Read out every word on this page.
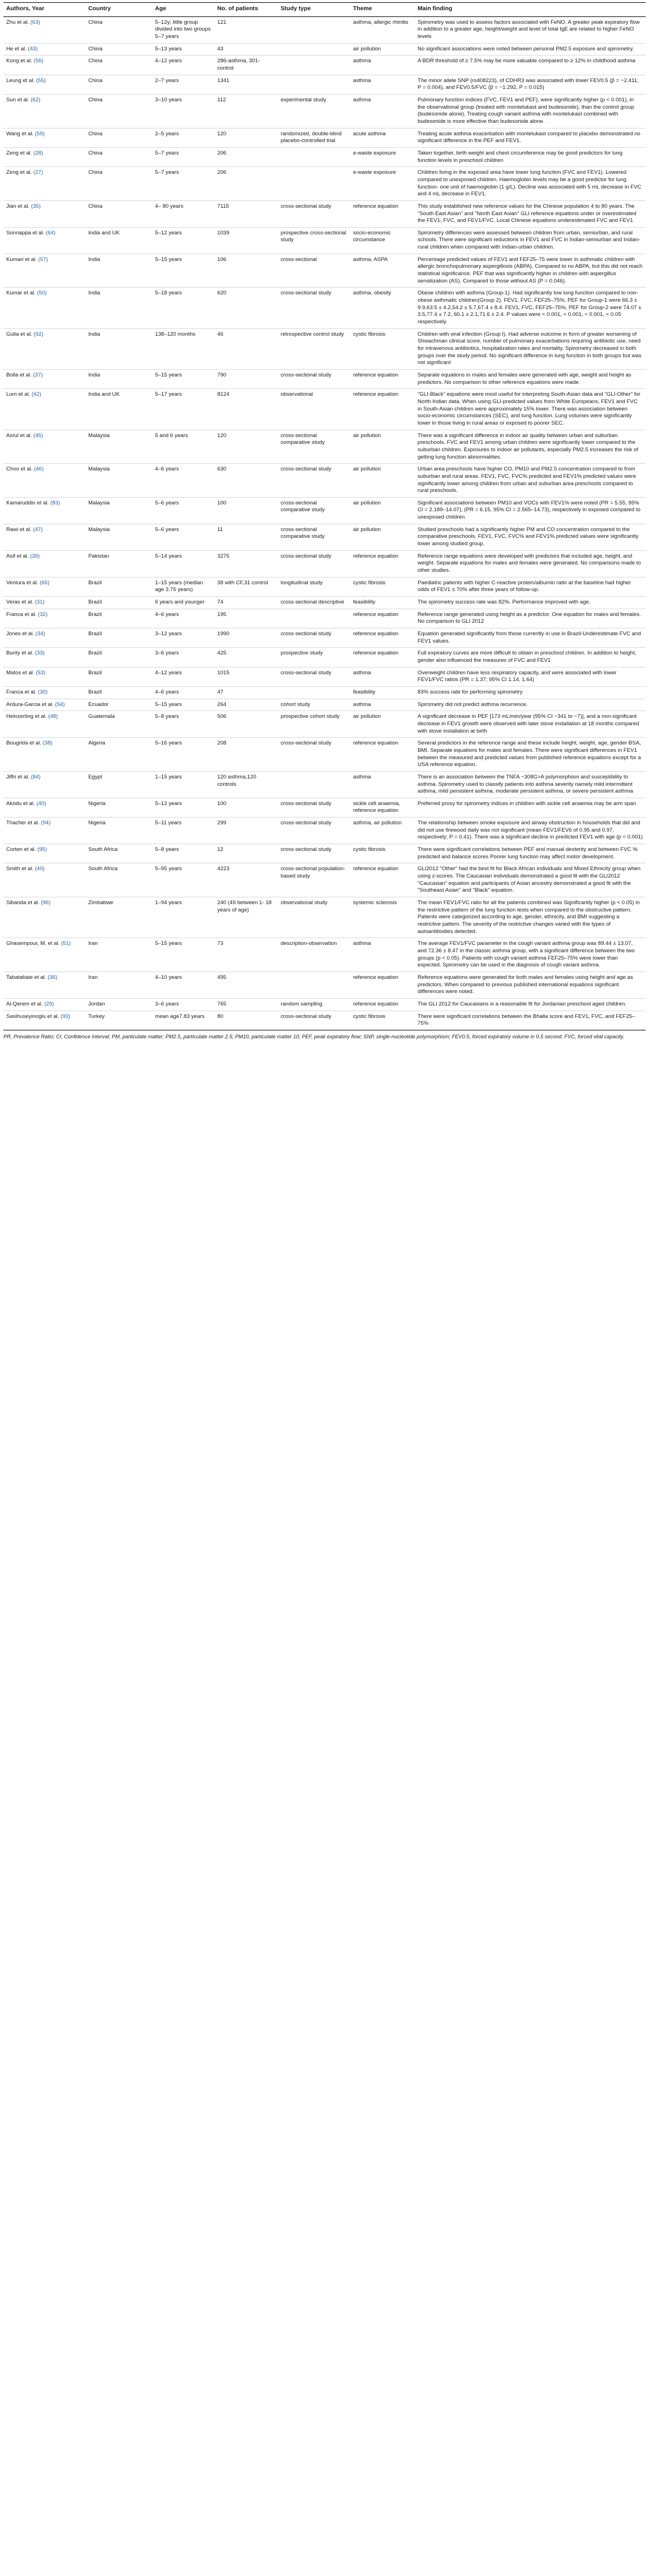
Authors, Year	Country	Age	No. of patients	Study type	Theme	Main finding
Zhu et al. (63)	China	5–12y; little group divided into two groups 5–7 years	121		asthma, allergic rhinitis	Spirometry was used to assess factors associated with FeNO. A greater peak expiratory flow in addition to a greater age, height/weight and level of total IgE are related to higher FeNO levels
He et al. (43)	China	5–13 years	43		air pollution	No significant associations were noted between personal PM2.5 exposure and spirometry.
Kong et al. (56)	China	4–12 years	286-asthma, 301-control		asthma	A BDR threshold of ≥ 7.5% may be more valuable compared to ≥ 12% in childhood asthma
Leung et al. (55)	China	2–7 years	1341		asthma	The minor allele SNP (rs408223), of CDHR3 was associated with lower FEV0.5 (β = −2.411, P = 0.004), and FEV0.5/FVC (β = −1.292, P = 0.015)
Sun et al. (62)	China	3–10 years	112	experimental study	asthma	Pulmonary function indices (FVC, FEV1 and PEF), were significantly higher (p < 0.001), in the observational group (treated with montelukast and budesonide), than the control group (budesonide alone). Treating cough variant asthma with montelukast combined with budesonide is more effective than budesonide alone.
Wang et al. (59)	China	2–5 years	120	randomized, double-blind placebo-controlled trial	acute asthma	Treating acute asthma exacerbation with montelukast compared to placebo demonstrated no significant difference in the PEF and FEV1.
Zeng et al. (28)	China	5–7 years	206		e-waste exposure	Taken together, birth weight and chest circumference may be good predictors for lung function levels in preschool children
Zeng et al. (27)	China	5–7 years	206		e-waste exposure	Children living in the exposed area have lower lung function (FVC and FEV1). Lowered compared to unexposed children. Haemoglobin levels may be a good predictor for lung function- one unit of haemoglobin (1 g/L). Decline was associated with 5 mL decrease in FVC and 4 mL decrease in FEV1.
Jian et al. (35)	China	4– 80 years	7115	cross-sectional study	reference equation	This study established new reference values for the Chinese population 4 to 80 years. The "South East Asian" and "North East Asian" GLI reference equations under or overestimated the FEV1, FVC, and FEV1/FVC. Local Chinese equations underestimated FVC and FEV1
Sonnappa et al. (64)	India and UK	5–12 years	1039	prospective cross-sectional study	socio-economic circumstance	Spirometry differences were assessed between children from urban, semiurban, and rural schools. There were significant reductions in FEV1 and FVC in Indian-semiurban and Indian-rural children when compared with Indian-urban children.
Kumari et al. (57)	India	5–15 years	106	cross-sectional	asthma, ASPA	Percentage predicted values of FEV1 and FEF25–75 were lower in asthmatic children with allergic bronchopulmonary aspergillosis (ABPA). Compared to no ABPA, but this did not reach statistical significance. PEF that was significantly higher in children with aspergillus sensitization (AS). Compared to those without AS (P = 0.046).
Kumar et al. (50)	India	5–18 years	620	cross-sectional study	asthma, obesity	Obese children with asthma (Group-1). Had significantly low lung function compared to non-obese asthmatic children(Group 2). FEV1, FVC, FEF25–75%, PEF for Group-1 were 66.3 ± 9.9,63.5 ± 4.2,54.2 ± 5.7,67.4 ± 8.4. FEV1, FVC, FEF25–75%, PEF for Group-2 were 74.07 ± 3.5,77.4 ± 7.2, 60.1 ± 2.1,71.6 ± 2.4. P values were < 0.001, < 0.001, < 0.001, < 0.05 respectively.
Gulla et al. (92)	India	138–120 months	46	retrospective control study	cystic fibrosis	Children with viral infection (Group I). Had adverse outcome in form of greater worsening of Shwachman clinical score, number of pulmonary exacerbations requiring antibiotic use, need for intravenous antibiotics, hospitalization rates and mortality. Spirometry decreased in both groups over the study period. No significant difference in lung function in both groups but was not significant
Bolla et al. (37)	India	5–15 years	790	cross-sectional study	reference equation	Separate equations in males and females were generated with age, weight and height as predictors. No comparison to other reference equations were made.
Lum et al. (42)	India and UK	5–17 years	8124	observational	reference equation	"GLI-Black" equations were most useful for interpreting South-Asian data and "GLI-Other" for North Indian data. When using GLI-predicted values from White Europeans, FEV1 and FVC in South-Asian children were approximately 15% lower. There was association between socio-economic circumstances (SEC), and lung function. Lung volumes were significantly lower in those living in rural areas or exposed to poorer SEC.
Asrul et al. (45)	Malaysia	5 and 6 years	120	cross-sectional comparative study	air pollution	There was a significant difference in indoor air quality between urban and suburban preschools. FVC and FEV1 among urban children were significantly lower compared to the suburban children. Exposures to indoor air pollutants, especially PM2.5 increases the risk of getting lung function abnormalities.
Choo et al. (46)	Malaysia	4–6 years	630	cross-sectional study	air pollution	Urban area preschools have higher CO, PM10 and PM2.5 concentration compared to from suburban and rural areas. FEV1, FVC, FVC% predicted and FEV1% predicted values were significantly lower among children from urban and suburban area preschools compared to rural preschools.
Kamaruddin et al. (83)	Malaysia	5–6 years	100	cross-sectional comparative study	air pollution	Significant associations between PM10 and VOCs with FEV1% were noted (PR = 5.55, 95% CI = 2.189–14.07), (PR = 6.15, 95% CI = 2.565–14.73), respectively in exposed compared to unexposed children.
Rawi et al. (47)	Malaysia	5–6 years	11	cross-sectional comparative study	air pollution	Studied preschools had a significantly higher PM and CO concentration compared to the comparative preschools. FEV1, FVC, FVC% and FEV1% predicted values were significantly lower among studied group.
Asif et al. (39)	Pakistan	5–14 years	3275	cross-sectional study	reference equation	Reference range equations were developed with predictors that included age, height, and weight. Separate equations for males and females were generated. No comparisons made to other studies.
Ventura et al. (65)	Brazil	1–15 years (median age 3.75 years)	38 with CF,31 control	longitudinal study	cystic fibrosis	Paediatric patients with higher C-reactive protein/albumin ratio at the baseline had higher odds of FEV1 ≤ 70% after three years of follow-up.
Veras et al. (31)	Brazil	6 years and younger	74	cross-sectional descriptive	feasibility	The spirometry success rate was 82%. Performance improved with age.
Franca et al. (32)	Brazil	4–6 years	195		reference equation	Reference range generated using height as a predictor. One equation for males and females. No comparison to GLI 2012
Jones et al. (34)	Brazil	3–12 years	1990	cross-sectional study	reference equation	Equation generated significantly from those currently in use in Brazil-Underestimate FVC and FEV1 values.
Burity et al. (33)	Brazil	3–6 years	425	prospective study	reference equation	Full expiratory curves are more difficult to obtain in preschool children. In addition to height, gender also influenced the measures of FVC and FEV1
Matos et al. (53)	Brazil	4–12 years	1015	cross-sectional study	asthma	Overweight children have less respiratory capacity, and were associated with lower FEV1/FVC ratios (PR = 1.37; 95% CI 1.14, 1.64)
Franca et al. (30)	Brazil	4–6 years	47		feasibility	83% success rate for performing spirometry
Ardura-Garcia et al. (54)	Ecuador	5–15 years	264	cohort study	asthma	Spirometry did not predict asthma recurrence.
Heinzerling et al. (48)	Guatemala	5–8 years	506	prospective cohort study	air pollution	A significant decrease in PEF [173 mL/min/year (95% CI −341 to −7)], and a non-significant decrease in FEV1 growth were observed with later stove installation at 18 months compared with stove installation at birth
Bougrida et al. (38)	Algeria	5–16 years	208	cross-sectional study	reference equation	Several predictors in the reference range and these include height, weight, age, gender BSA, BMI. Separate equations for males and females. There were significant differences in FEV1 between the measured and predicted values from published reference equations except for a USA reference equation.
Jiffri et al. (84)	Egypt	1–15 years	120 asthma,120 controls		asthma	There is an association between the TNFA −308G>A polymorphism and susceptibility to asthma. Spirometry used to classify patients into asthma severity namely mild intermittent asthma, mild persistent asthma, moderate persistent asthma, or severe persistent asthma
Akodu et al. (40)	Nigeria	5–12 years	100	cross-sectional study	sickle cell anaemia, reference equation	Preferred proxy for spirometry indices in children with sickle cell anaemia may be arm span
Thacher et al. (94)	Nigeria	5–11 years	299	cross-sectional study	asthma, air pollution	The relationship between smoke exposure and airway obstruction in households that did and did not use firewood daily was not significant (mean FEV1/FEV6 of 0.95 and 0.97, respectively; P = 0.41). There was a significant decline in predicted FEV1 with age (p < 0.001)
Corten et al. (95)	South Africa	5–8 years	12	cross-sectional study	cystic fibrosis	There were significant correlations between PEF and manual dexterity and between FVC % predicted and balance scores Poorer lung function may affect motor development.
Smith et al. (40)	South Africa	5–95 years	4223	cross-sectional population-based study	reference equation	GLI2012 "Other" had the best fit for Black African individuals and Mixed Ethnicity group when using z-scores. The Caucasian individuals demonstrated a good fit with the GLI2012 "Caucasian" equation and participants of Asian ancestry demonstrated a good fit with the "Southeast Asian" and "Black" equation.
Sibanda et al. (96)	Zimbabwe	1–94 years	240 (49 between 1- 18 years of age)	observational study	systemic sclerosis	The mean FEV1/FVC ratio for all the patients combined was Significantly higher (p < 0.05) in the restrictive pattern of the lung function tests when compared to the obstructive pattern. Patients were categorized according to age, gender, ethnicity, and BMI suggesting a restrictive pattern. The severity of the restrictive changes varied with the types of autoantibodies detected.
Ghasempour, M. et al. (51)	Iran	5–15 years	73	description-observation	asthma	The average FEV1/FVC parameter in the cough variant asthma group was 89.44 ± 13.07, and 72.36 ± 8.47 in the classic asthma group, with a significant difference between the two groups (p < 0.05). Patients with cough variant asthma FEF25–75% were lower than expected. Spirometry can be used in the diagnosis of cough variant asthma.
Tabatabaie et al. (36)	Iran	4–10 years	495		reference equation	Reference equations were generated for both males and females using height and age as predictors. When compared to previous published international equations significant differences were noted.
Al-Qerem et al. (29)	Jordan	3–6 years	765	random sampling	reference equation	The GLI 2012 for Caucasians is a reasonable fit for Jordanian preschool aged children.
Sasihuseyinoglu et al. (93)	Turkey	mean age7.83 years	80	cross-sectional study	cystic fibrosis	There were significant correlations between the Bhalla score and FEV1, FVC, and FEF25–75%
PR, Prevalence Ratio; CI, Confidence Interval; PM, particulate matter; PM2.5, particulate matter 2.5; PM10, particulate matter 10; PEF, peak expiratory flow; SNP, single-nucleotide polymorphism; FEV0.5, forced expiratory volume in 0.5 second; FVC, forced vital capacity.
